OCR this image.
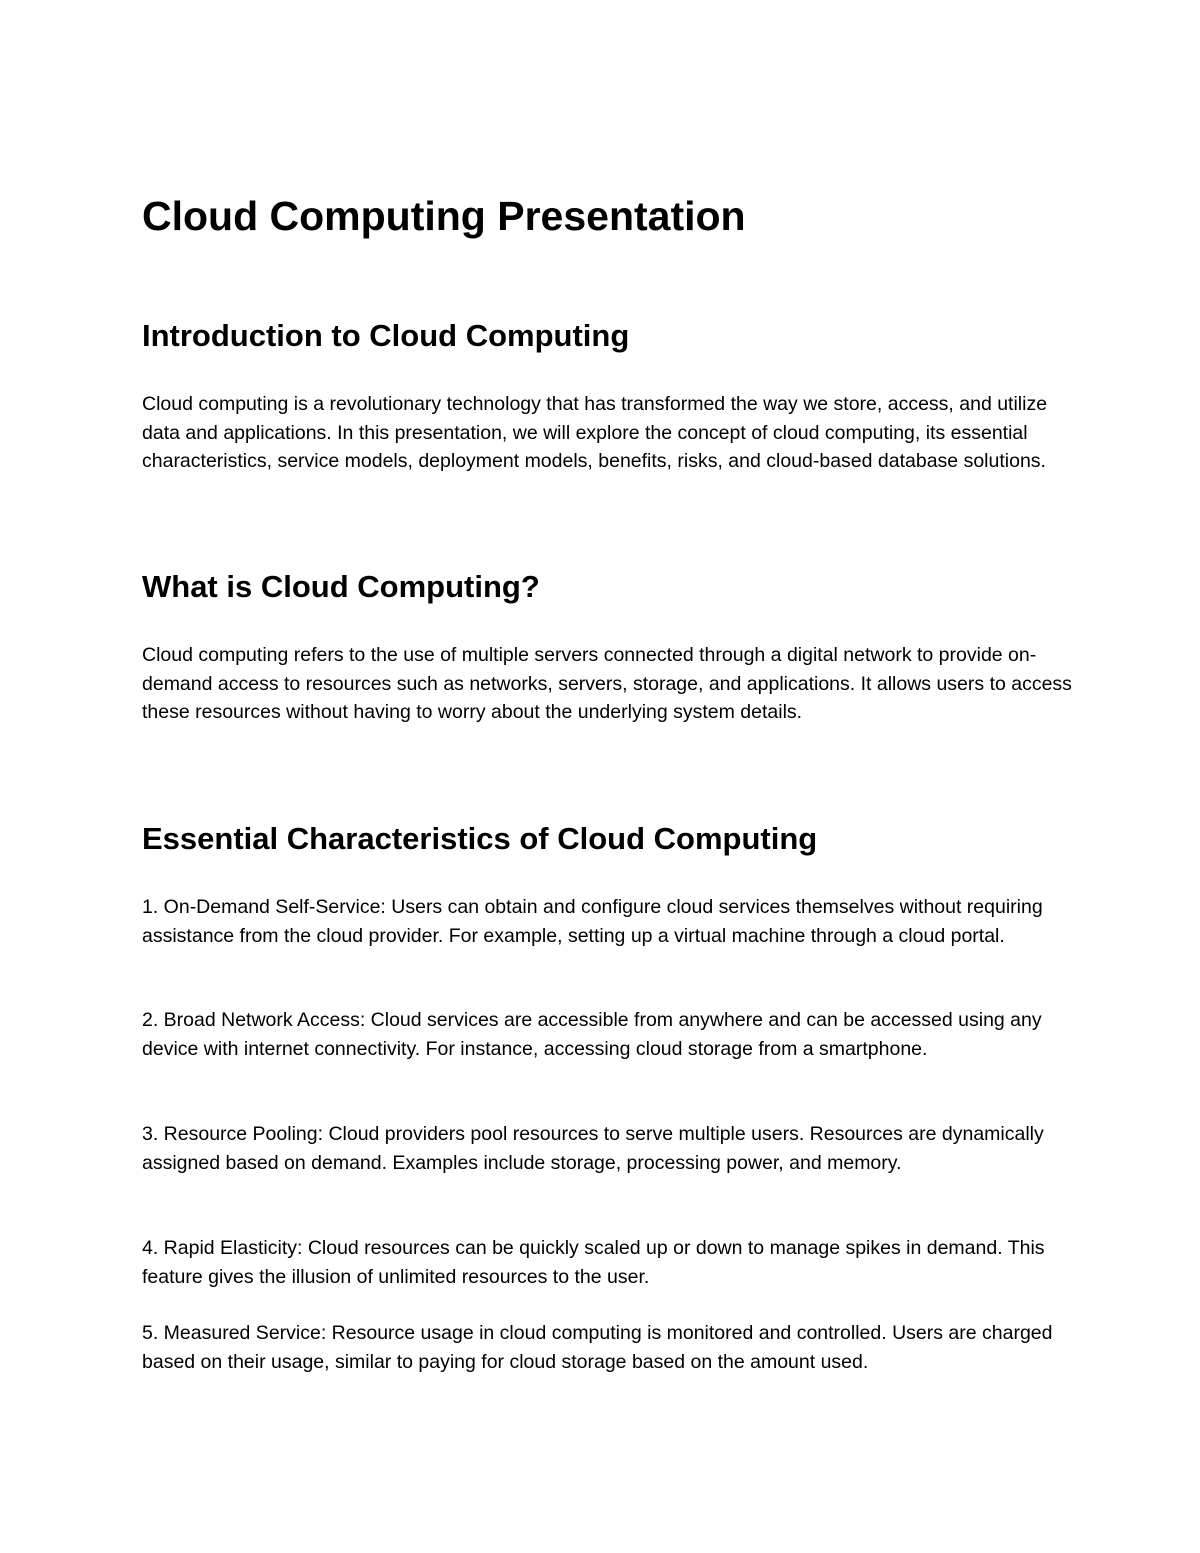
Cloud Computing Presentation
Introduction to Cloud Computing

Cloud computing is a revolutionary technology that has transformed the way we store, access, and utilize data and applications. In this presentation, we will explore the concept of cloud computing, its essential characteristics, service models, deployment models, benefits, risks, and cloud-based database solutions.

What is Cloud Computing?

Cloud computing refers to the use of multiple servers connected through a digital network to provide on-demand access to resources such as networks, servers, storage, and applications. It allows users to access these resources without having to worry about the underlying system details.

Essential Characteristics of Cloud Computing

1. On-Demand Self-Service: Users can obtain and configure cloud services themselves without requiring assistance from the cloud provider. For example, setting up a virtual machine through a cloud portal.

2. Broad Network Access: Cloud services are accessible from anywhere and can be accessed using any device with internet connectivity. For instance, accessing cloud storage from a smartphone.

3. Resource Pooling: Cloud providers pool resources to serve multiple users. Resources are dynamically assigned based on demand. Examples include storage, processing power, and memory.

4. Rapid Elasticity: Cloud resources can be quickly scaled up or down to manage spikes in demand. This feature gives the illusion of unlimited resources to the user.

5. Measured Service: Resource usage in cloud computing is monitored and controlled. Users are charged based on their usage, similar to paying for cloud storage based on the amount used.
